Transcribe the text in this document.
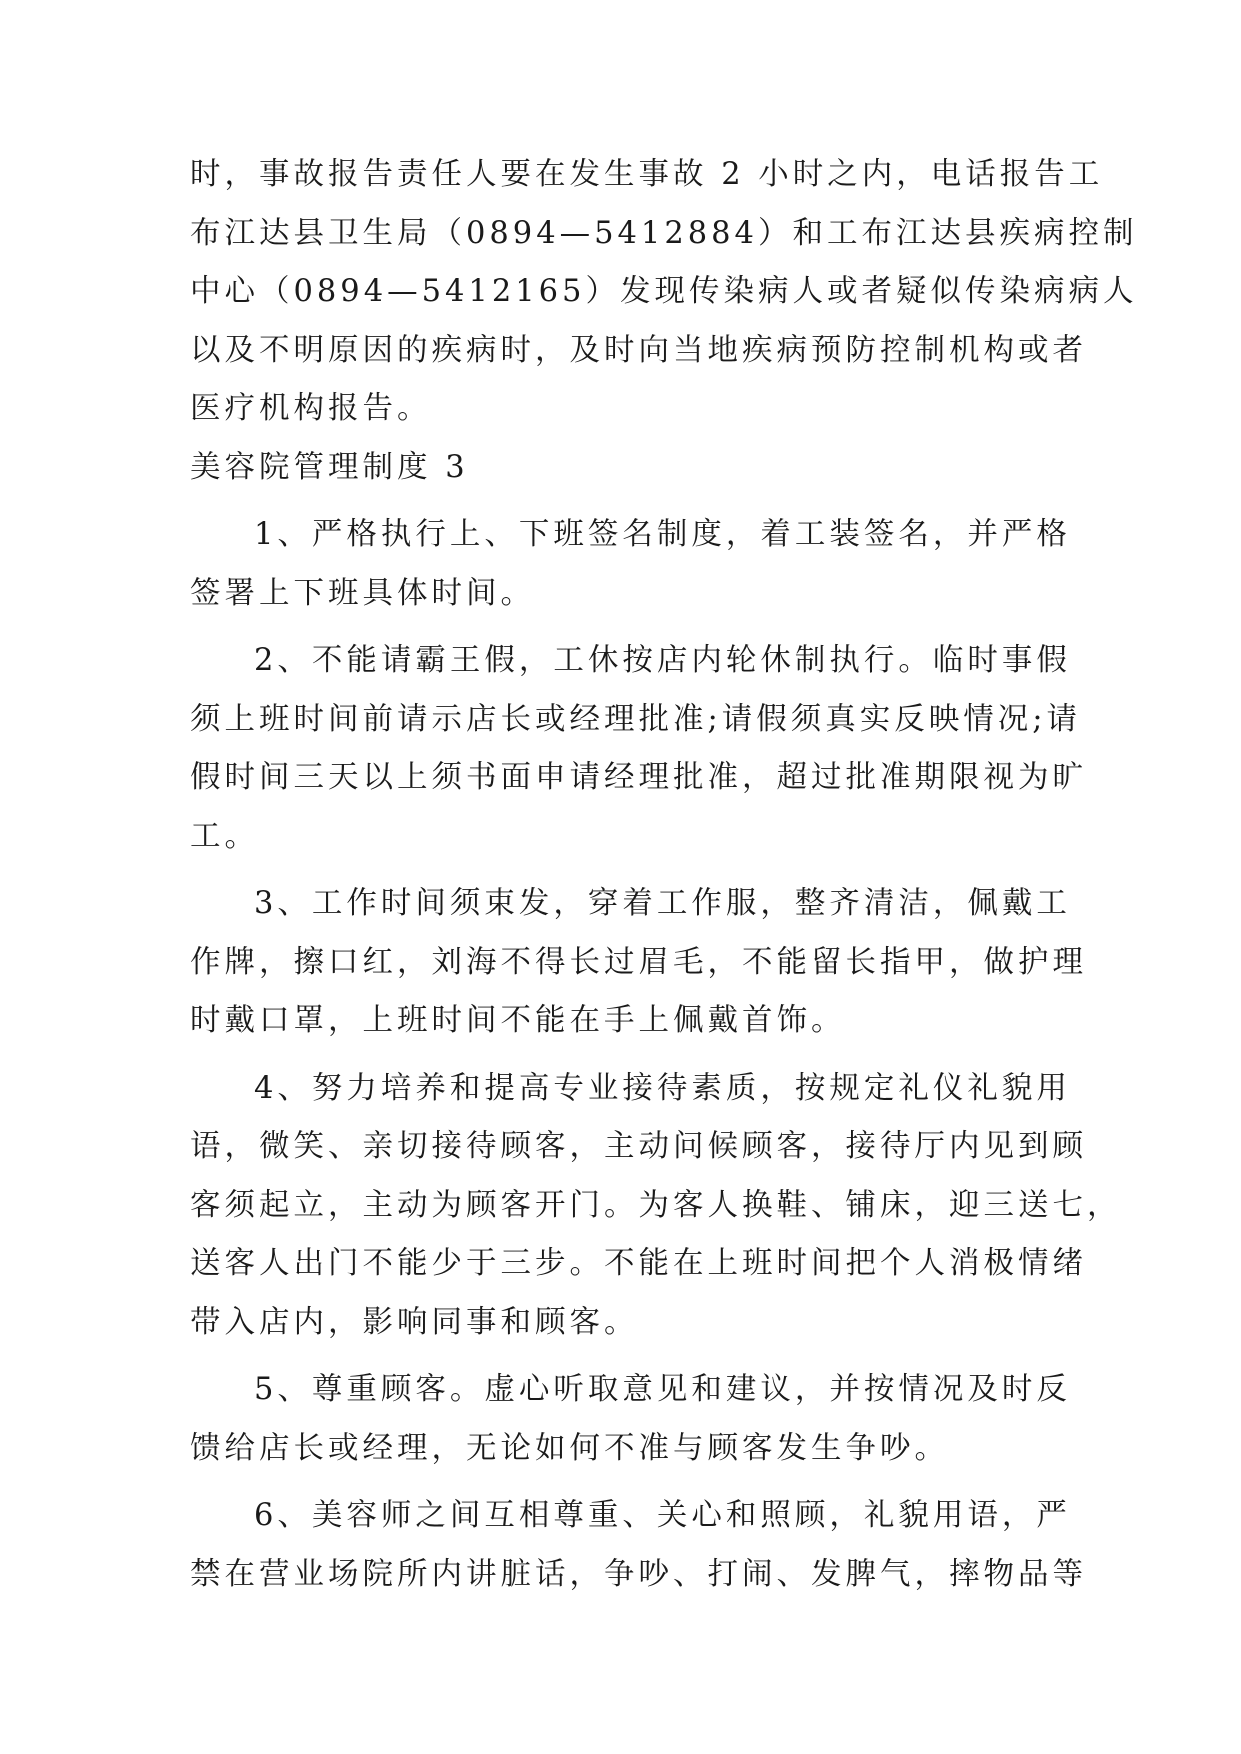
时，事故报告责任人要在发生事故 2 小时之内，电话报告工
布江达县卫生局（0894—5412884）和工布江达县疾病控制
中心（0894—5412165）发现传染病人或者疑似传染病病人
以及不明原因的疾病时，及时向当地疾病预防控制机构或者
医疗机构报告。
美容院管理制度 3
1、严格执行上、下班签名制度，着工装签名，并严格
签署上下班具体时间。
2、不能请霸王假，工休按店内轮休制执行。临时事假
须上班时间前请示店长或经理批准;请假须真实反映情况;请
假时间三天以上须书面申请经理批准，超过批准期限视为旷
工。
3、工作时间须束发，穿着工作服，整齐清洁，佩戴工
作牌，擦口红，刘海不得长过眉毛，不能留长指甲，做护理
时戴口罩，上班时间不能在手上佩戴首饰。
4、努力培养和提高专业接待素质，按规定礼仪礼貌用
语，微笑、亲切接待顾客，主动问候顾客，接待厅内见到顾
客须起立，主动为顾客开门。为客人换鞋、铺床，迎三送七，
送客人出门不能少于三步。不能在上班时间把个人消极情绪
带入店内，影响同事和顾客。
5、尊重顾客。虚心听取意见和建议，并按情况及时反
馈给店长或经理，无论如何不准与顾客发生争吵。
6、美容师之间互相尊重、关心和照顾，礼貌用语，严
禁在营业场院所内讲脏话，争吵、打闹、发脾气，摔物品等
